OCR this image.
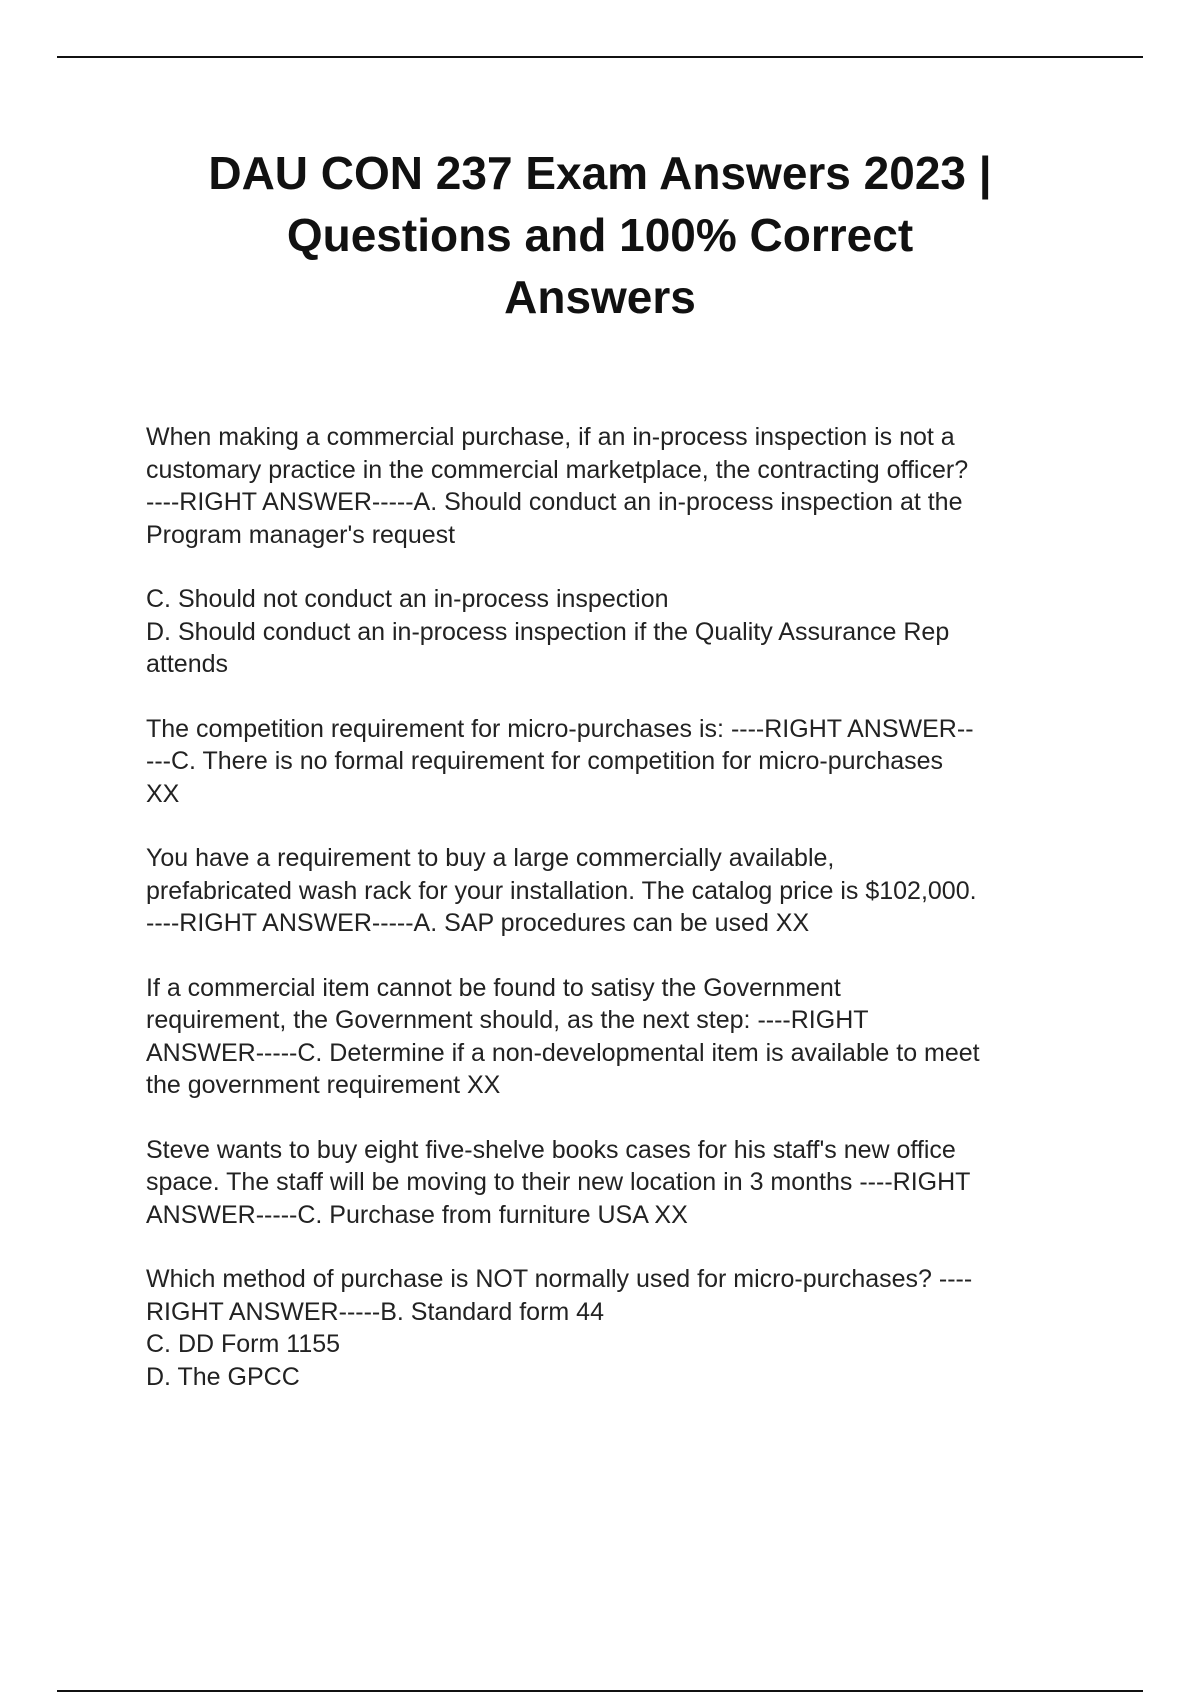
DAU CON 237 Exam Answers 2023 |
Questions and 100% Correct
Answers

When making a commercial purchase, if an in-process inspection is not a
customary practice in the commercial marketplace, the contracting officer?
----RIGHT ANSWER-----A. Should conduct an in-process inspection at the
Program manager's request

C. Should not conduct an in-process inspection
D. Should conduct an in-process inspection if the Quality Assurance Rep
attends

The competition requirement for micro-purchases is: ----RIGHT ANSWER--
---C. There is no formal requirement for competition for micro-purchases
XX

You have a requirement to buy a large commercially available,
prefabricated wash rack for your installation. The catalog price is $102,000.
----RIGHT ANSWER-----A. SAP procedures can be used XX

If a commercial item cannot be found to satisy the Government
requirement, the Government should, as the next step: ----RIGHT
ANSWER-----C. Determine if a non-developmental item is available to meet
the government requirement XX

Steve wants to buy eight five-shelve books cases for his staff's new office
space. The staff will be moving to their new location in 3 months ----RIGHT
ANSWER-----C. Purchase from furniture USA XX

Which method of purchase is NOT normally used for micro-purchases? ----
RIGHT ANSWER-----B. Standard form 44
C. DD Form 1155
D. The GPCC
